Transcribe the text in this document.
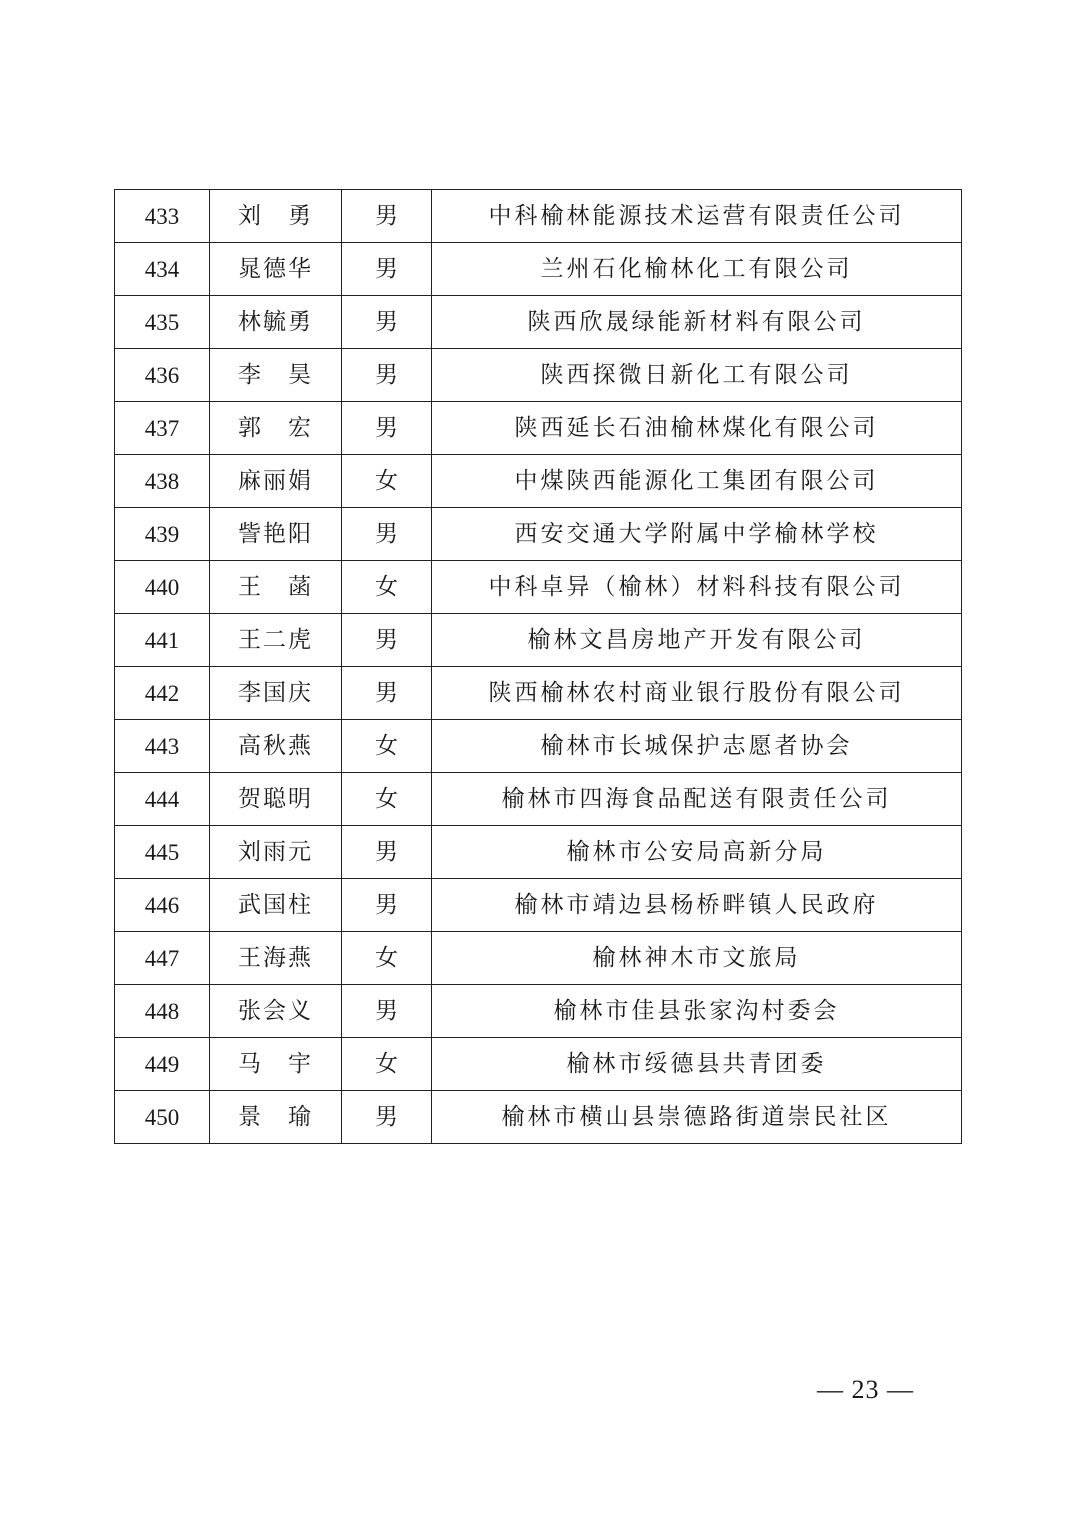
433	刘　勇	男	中科榆林能源技术运营有限责任公司
434	晁德华	男	兰州石化榆林化工有限公司
435	林毓勇	男	陕西欣晟绿能新材料有限公司
436	李　昊	男	陕西探微日新化工有限公司
437	郭　宏	男	陕西延长石油榆林煤化有限公司
438	麻丽娟	女	中煤陕西能源化工集团有限公司
439	訾艳阳	男	西安交通大学附属中学榆林学校
440	王　菡	女	中科卓异（榆林）材料科技有限公司
441	王二虎	男	榆林文昌房地产开发有限公司
442	李国庆	男	陕西榆林农村商业银行股份有限公司
443	高秋燕	女	榆林市长城保护志愿者协会
444	贺聪明	女	榆林市四海食品配送有限责任公司
445	刘雨元	男	榆林市公安局高新分局
446	武国柱	男	榆林市靖边县杨桥畔镇人民政府
447	王海燕	女	榆林神木市文旅局
448	张会义	男	榆林市佳县张家沟村委会
449	马　宇	女	榆林市绥德县共青团委
450	景　瑜	男	榆林市横山县崇德路街道崇民社区
— 23 —
